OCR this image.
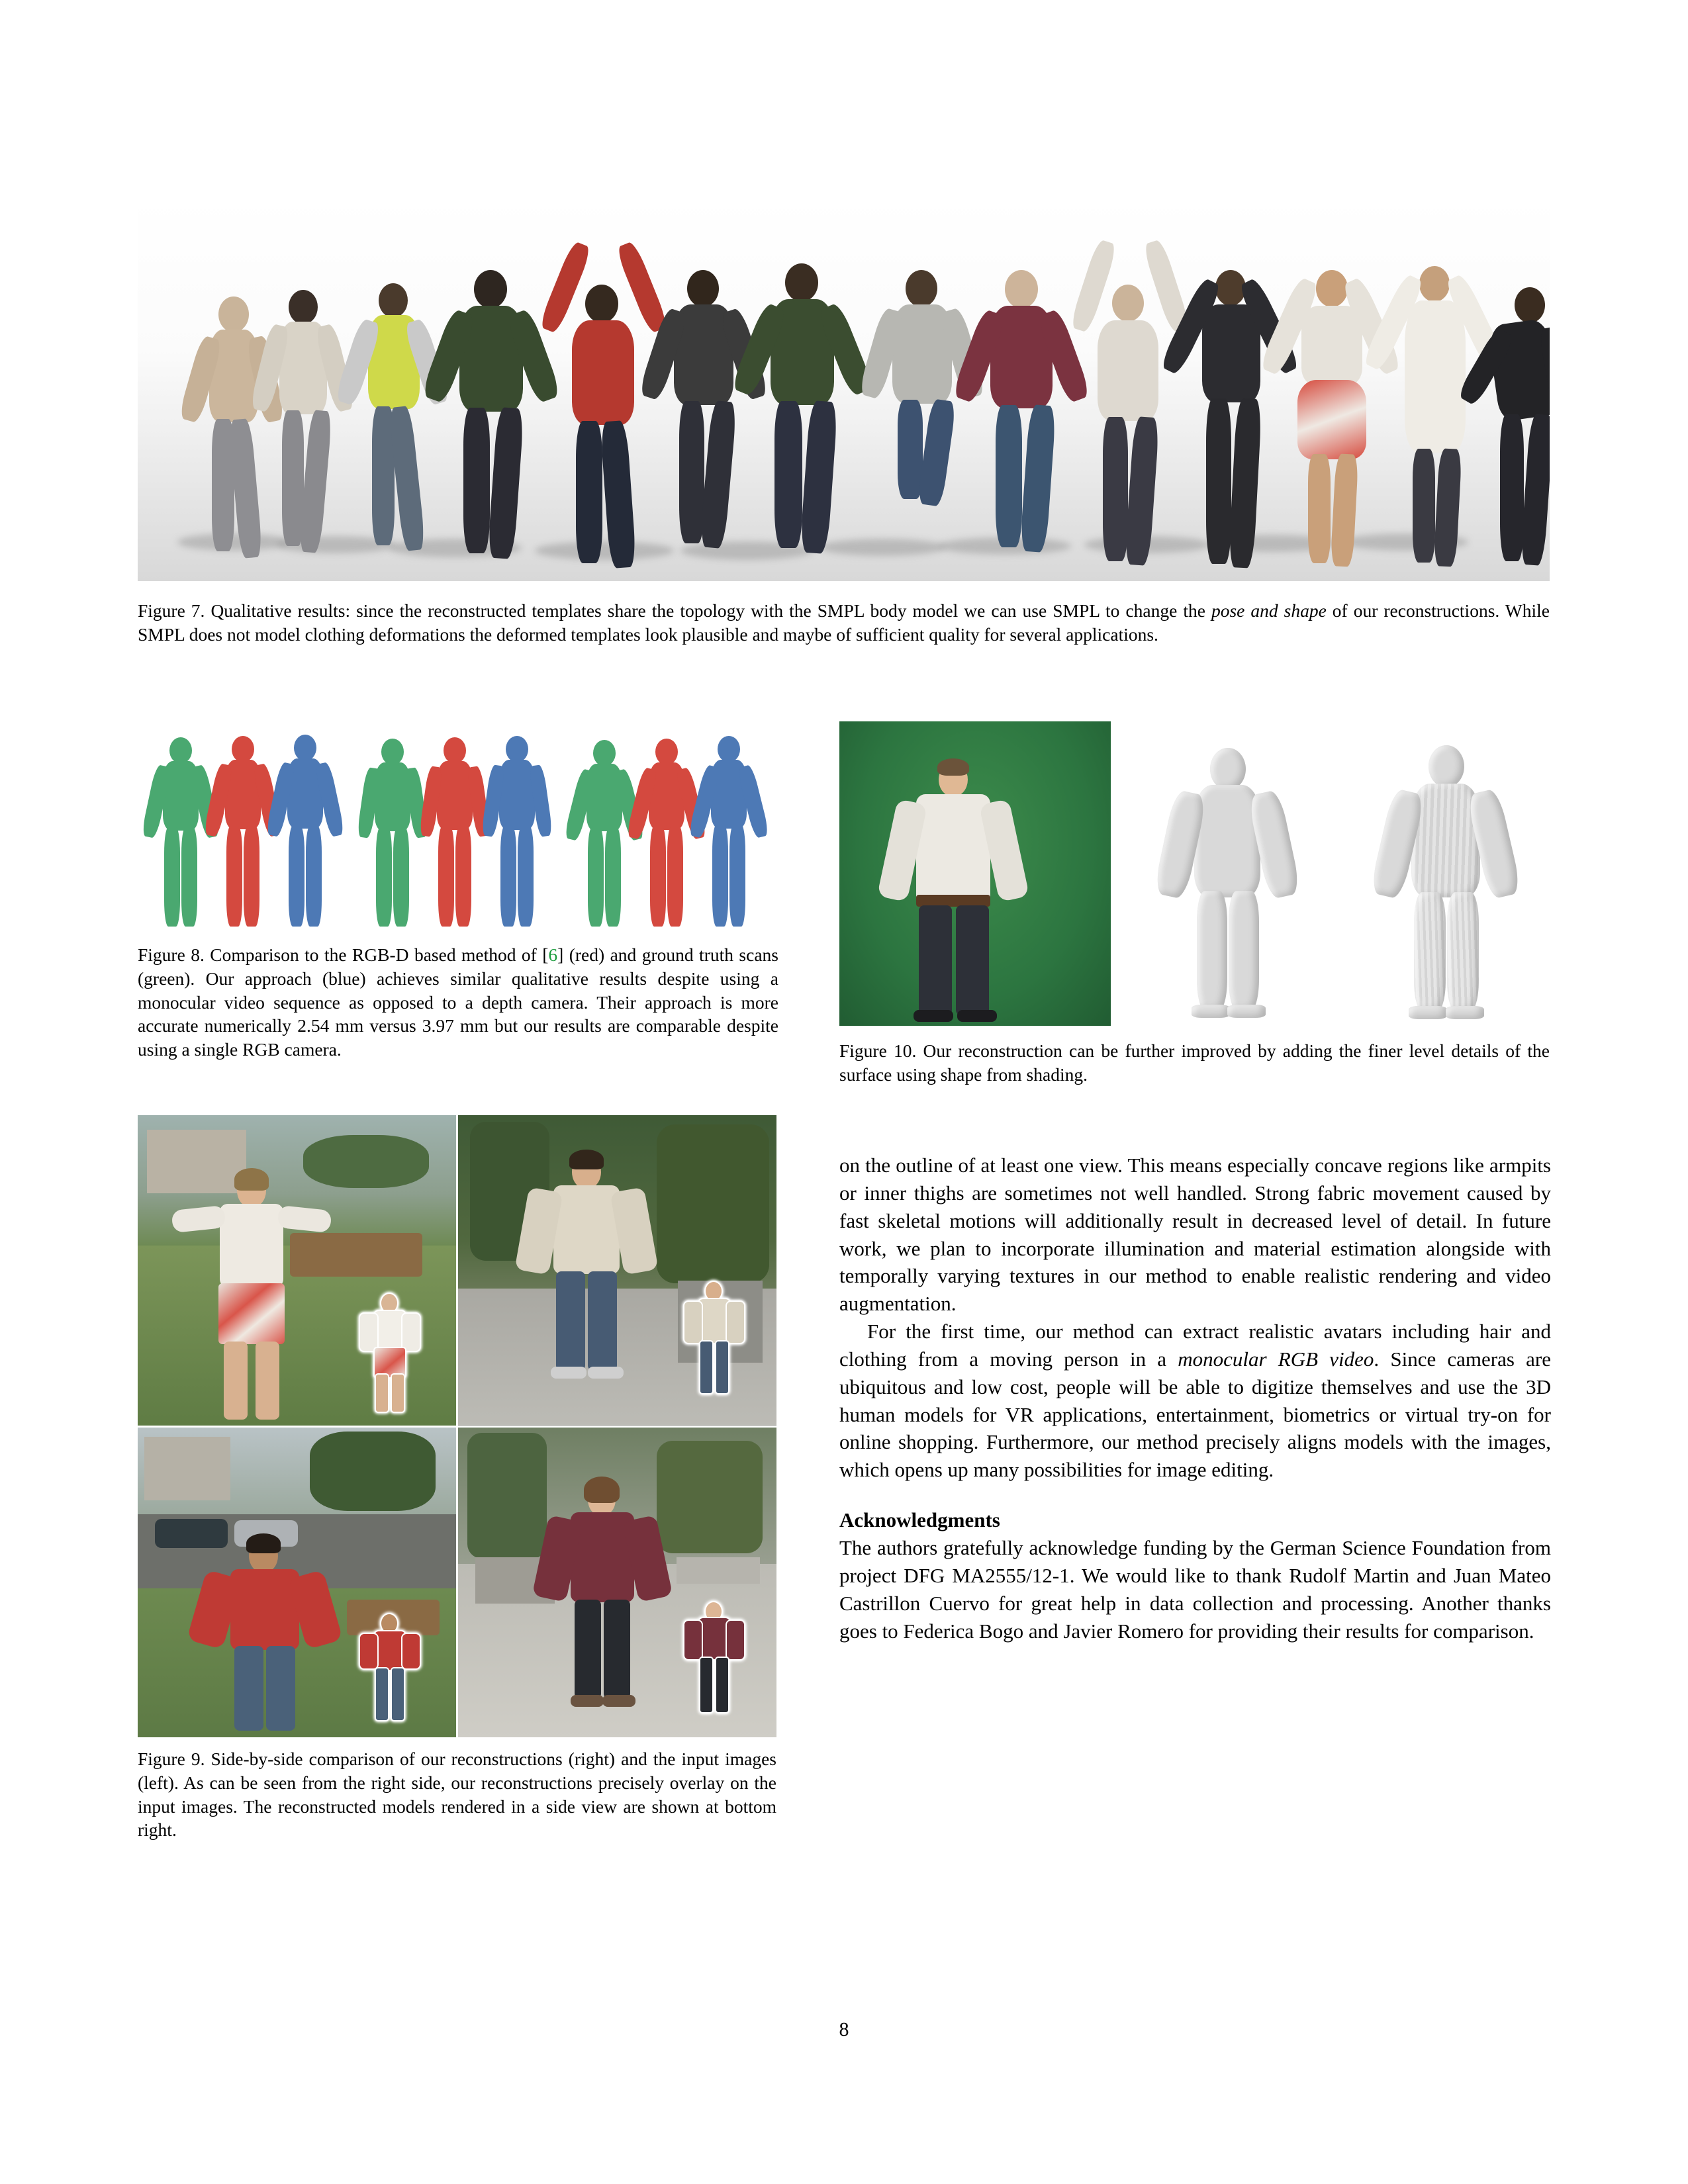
Figure 7. Qualitative results: since the reconstructed templates share the topology with the SMPL body model we can use SMPL to change the pose and shape of our reconstructions. While SMPL does not model clothing deformations the deformed templates look plausible and maybe of sufficient quality for several applications.
Figure 8. Comparison to the RGB-D based method of [6] (red) and ground truth scans (green). Our approach (blue) achieves similar qualitative results despite using a monocular video sequence as opposed to a depth camera. Their approach is more accurate numerically 2.54 mm versus 3.97 mm but our results are comparable despite using a single RGB camera.	Figure 10. Our reconstruction can be further improved by adding the finer level details of the surface using shape from shading.
Figure 9. Side-by-side comparison of our reconstructions (right) and the input images (left). As can be seen from the right side, our reconstructions precisely overlay on the input images. The reconstructed models rendered in a side view are shown at bottom right.

on the outline of at least one view. This means especially concave regions like armpits or inner thighs are sometimes not well handled. Strong fabric movement caused by fast skeletal motions will additionally result in decreased level of detail. In future work, we plan to incorporate illumination and material estimation alongside with temporally varying textures in our method to enable realistic rendering and video augmentation.

For the first time, our method can extract realistic avatars including hair and clothing from a moving person in a monocular RGB video. Since cameras are ubiquitous and low cost, people will be able to digitize themselves and use the 3D human models for VR applications, entertainment, biometrics or virtual try-on for online shopping. Furthermore, our method precisely aligns models with the images, which opens up many possibilities for image editing.

Acknowledgments

The authors gratefully acknowledge funding by the German Science Foundation from project DFG MA2555/12-1. We would like to thank Rudolf Martin and Juan Mateo Castrillon Cuervo for great help in data collection and processing. Another thanks goes to Federica Bogo and Javier Romero for providing their results for comparison.

8
